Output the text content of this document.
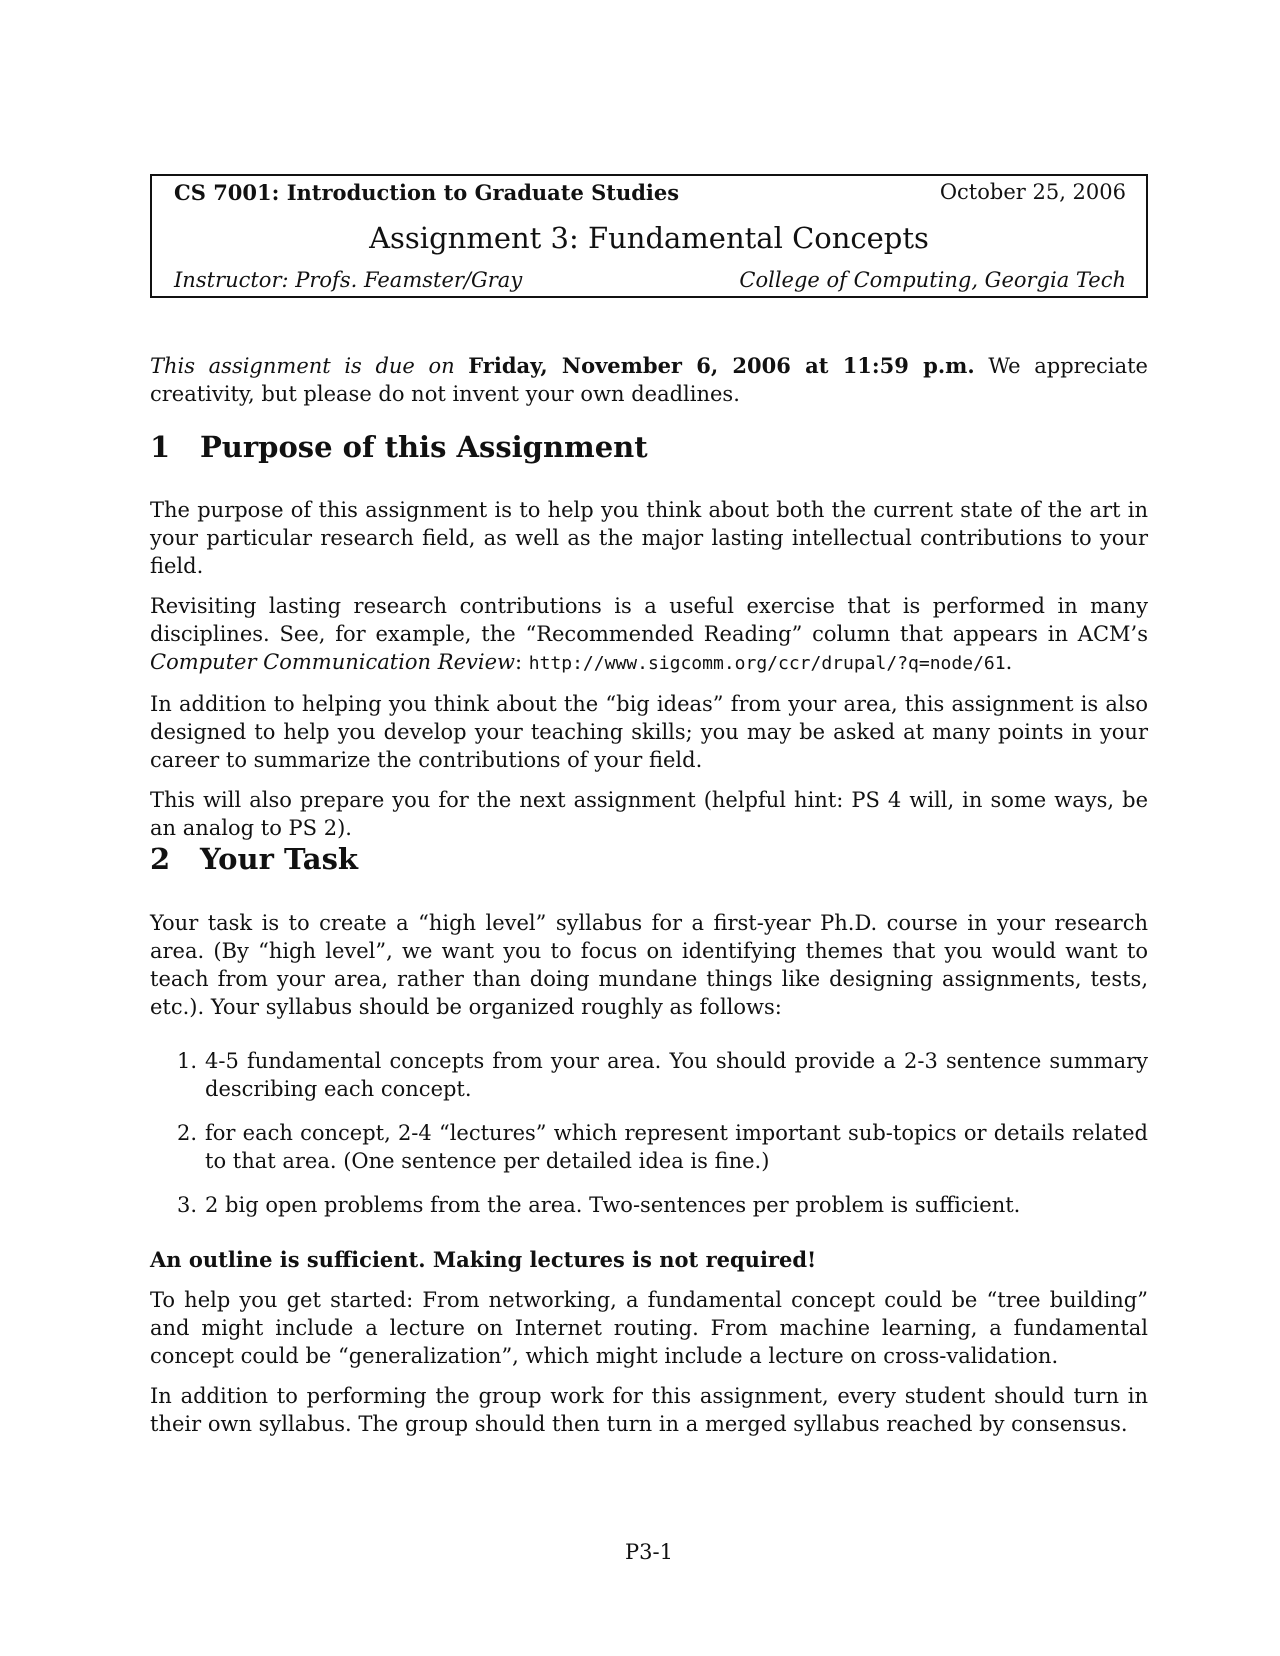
CS 7001: Introduction to Graduate Studies	October 25, 2006
Assignment 3: Fundamental Concepts
Instructor: Profs. Feamster/Gray	College of Computing, Georgia Tech

This assignment is due on Friday, November 6, 2006 at 11:59 p.m. We appreciate creativity, but please do not invent your own deadlines.

1 Purpose of this Assignment

The purpose of this assignment is to help you think about both the current state of the art in your particular research field, as well as the major lasting intellectual contributions to your field.

Revisiting lasting research contributions is a useful exercise that is performed in many disciplines. See, for example, the “Recommended Reading” column that appears in ACM’s Computer Communication Review: http://www.sigcomm.org/ccr/drupal/?q=node/61.

In addition to helping you think about the “big ideas” from your area, this assignment is also designed to help you develop your teaching skills; you may be asked at many points in your career to summarize the contributions of your field.

This will also prepare you for the next assignment (helpful hint: PS 4 will, in some ways, be an analog to PS 2).

2 Your Task

Your task is to create a “high level” syllabus for a first-year Ph.D. course in your research area. (By “high level”, we want you to focus on identifying themes that you would want to teach from your area, rather than doing mundane things like designing assignments, tests, etc.). Your syllabus should be organized roughly as follows:

1. 4-5 fundamental concepts from your area. You should provide a 2-3 sentence summary describing each concept.
2. for each concept, 2-4 “lectures” which represent important sub-topics or details related to that area. (One sentence per detailed idea is fine.)
3. 2 big open problems from the area. Two-sentences per problem is sufficient.
An outline is sufficient. Making lectures is not required!

To help you get started: From networking, a fundamental concept could be “tree building” and might include a lecture on Internet routing. From machine learning, a fundamental concept could be “generalization”, which might include a lecture on cross-validation.

In addition to performing the group work for this assignment, every student should turn in their own syllabus. The group should then turn in a merged syllabus reached by consensus.

P3-1
